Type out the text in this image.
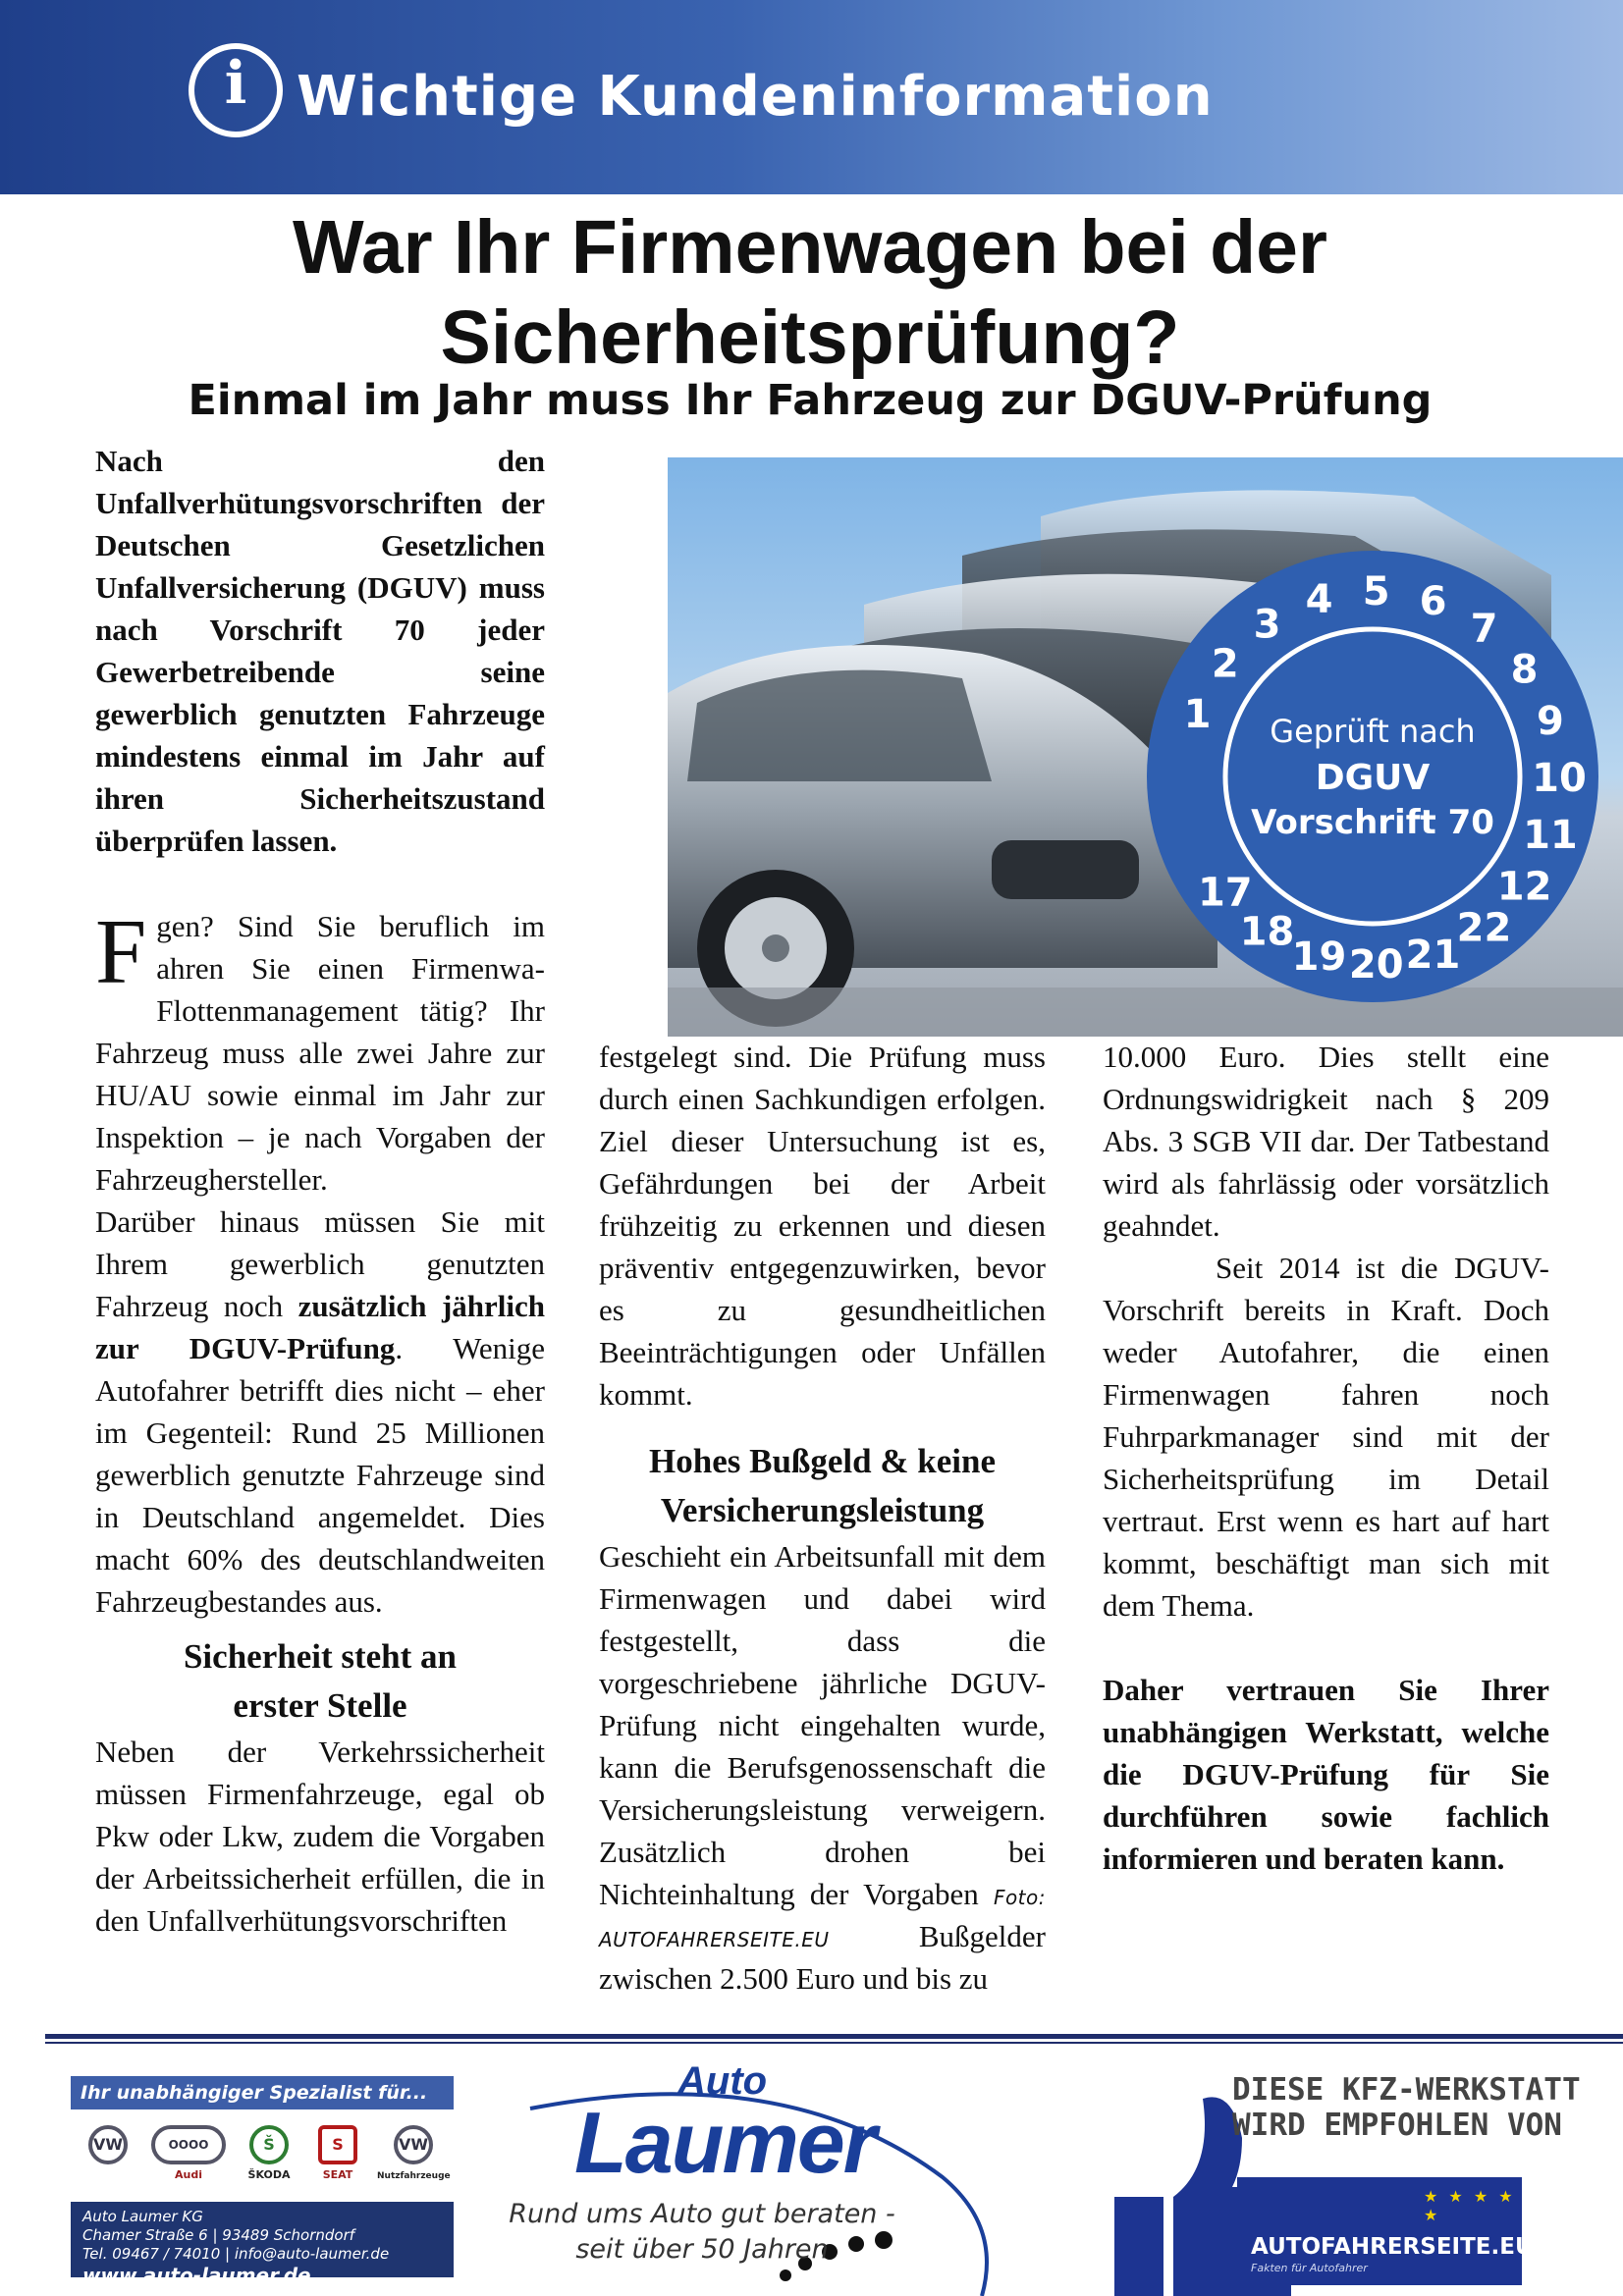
i Wichtige Kundeninformation
War Ihr Firmenwagen bei der
Sicherheitsprüfung?
Einmal im Jahr muss Ihr Fahrzeug zur DGUV-Prüfung
Nach den Unfallverhütungsvorschriften der Deutschen Gesetzlichen Unfallversicherung (DGUV) muss nach Vorschrift 70 jeder Gewerbetreibende seine gewerblich genutzten Fahrzeuge mindestens einmal im Jahr auf ihren Sicherheitszustand überprüfen lassen.
Geprüft nach
DGUV
Vorschrift 70
1
2
3
4 5 6
7
8
9
10
11
12
22
21
20
19
18
17

Fgen? Sind Sie beruflich im ahren Sie einen Firmenwa- Flottenmanagement tätig? Ihr Fahrzeug muss alle zwei Jahre zur HU/AU sowie einmal im Jahr zur Inspektion – je nach Vorgaben der Fahrzeughersteller.

Darüber hinaus müssen Sie mit Ihrem gewerblich genutzten Fahrzeug noch zusätzlich jährlich zur DGUV-Prüfung. Wenige Autofahrer betrifft dies nicht – eher im Gegenteil: Rund 25 Millionen gewerblich genutzte Fahrzeuge sind in Deutschland angemeldet. Dies macht 60% des deutschlandweiten Fahrzeugbestandes aus.

Sicherheit steht an
erster Stelle

Neben der Verkehrssicherheit müssen Firmenfahrzeuge, egal ob Pkw oder Lkw, zudem die Vorgaben der Arbeitssicherheit erfüllen, die in den Unfallverhütungsvorschriften

festgelegt sind. Die Prüfung muss durch einen Sachkundigen erfolgen. Ziel dieser Untersuchung ist es, Gefährdungen bei der Arbeit frühzeitig zu erkennen und diesen präventiv entgegenzuwirken, bevor es zu gesundheitlichen Beeinträchtigungen oder Unfällen kommt.

Hohes Bußgeld & keine
Versicherungsleistung

Geschieht ein Arbeitsunfall mit dem Firmenwagen und dabei wird festgestellt, dass die vorgeschriebene jährliche DGUV-Prüfung nicht eingehalten wurde, kann die Berufsgenossenschaft die Versicherungsleistung verweigern. Zusätzlich drohen bei Nichteinhaltung der Vorgaben Foto: AUTOFAHRERSEITE.EU	Bußgelder zwischen 2.500 Euro und bis zu

10.000 Euro. Dies stellt eine Ordnungswidrigkeit nach § 209 Abs. 3 SGB VII dar. Der Tatbestand wird als fahrlässig oder vorsätzlich geahndet.

Seit 2014 ist die DGUV-Vorschrift bereits in Kraft. Doch weder Autofahrer, die einen Firmenwagen fahren noch Fuhrparkmanager sind mit der Sicherheitsprüfung im Detail vertraut. Erst wenn es hart auf hart kommt, beschäftigt man sich mit dem Thema.

Daher vertrauen Sie Ihrer unabhängigen Werkstatt, welche die DGUV-Prüfung für Sie durchführen sowie fachlich informieren und beraten kann.

Ihr unabhängiger Spezialist für...
VW	OOOO
Audi
Š
ŠKODA
S
SEAT
VW
Nutzfahrzeuge
Auto Laumer KG
Chamer Straße 6 | 93489 Schorndorf
Tel. 09467 / 74010 | info@auto-laumer.de
www.auto-laumer.de
Auto
Laumer
Rund ums Auto gut beraten -
seit über 50 Jahren
DIESE KFZ-WERKSTATT
WIRD EMPFOHLEN VON
★ ★ ★ ★ ★
AUTOFAHRERSEITE.EU
Fakten für Autofahrer
